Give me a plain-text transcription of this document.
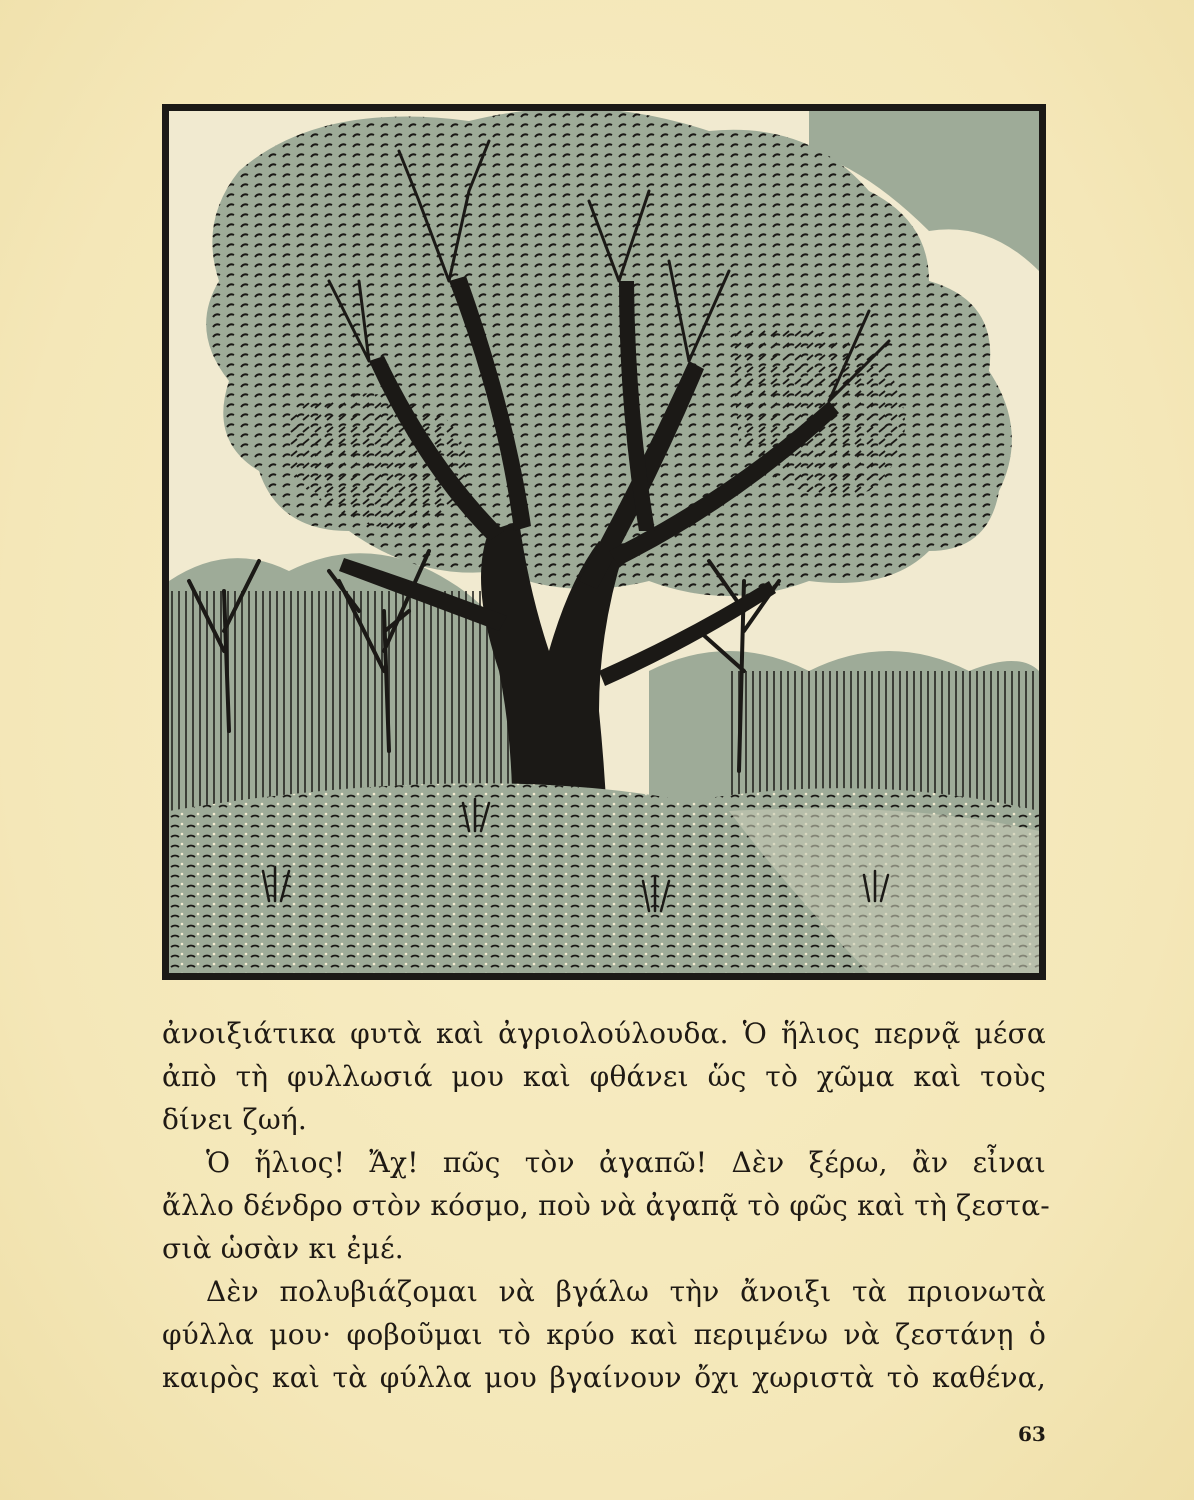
ἀνοιξιάτικα φυτὰ καὶ ἀγριολούλουδα. Ὁ ἥλιος περνᾷ μέσα
ἀπὸ τὴ φυλλωσιά μου καὶ φθάνει ὥς τὸ χῶμα καὶ τοὺς
δίνει ζωή.
Ὁ ἥλιος! Ἄχ! πῶς τὸν ἀγαπῶ! Δὲν ξέρω, ἂν εἶναι
ἄλλο δένδρο στὸν κόσμο, ποὺ νὰ ἀγαπᾷ τὸ φῶς καὶ τὴ ζεστα-
σιὰ ὡσὰν κι ἐμέ.
Δὲν πολυβιάζομαι νὰ βγάλω τὴν ἄνοιξι τὰ πριονωτὰ
φύλλα μου· φοβοῦμαι τὸ κρύο καὶ περιμένω νὰ ζεστάνῃ ὁ
καιρὸς καὶ τὰ φύλλα μου βγαίνουν ὄχι χωριστὰ τὸ καθένα,
63
